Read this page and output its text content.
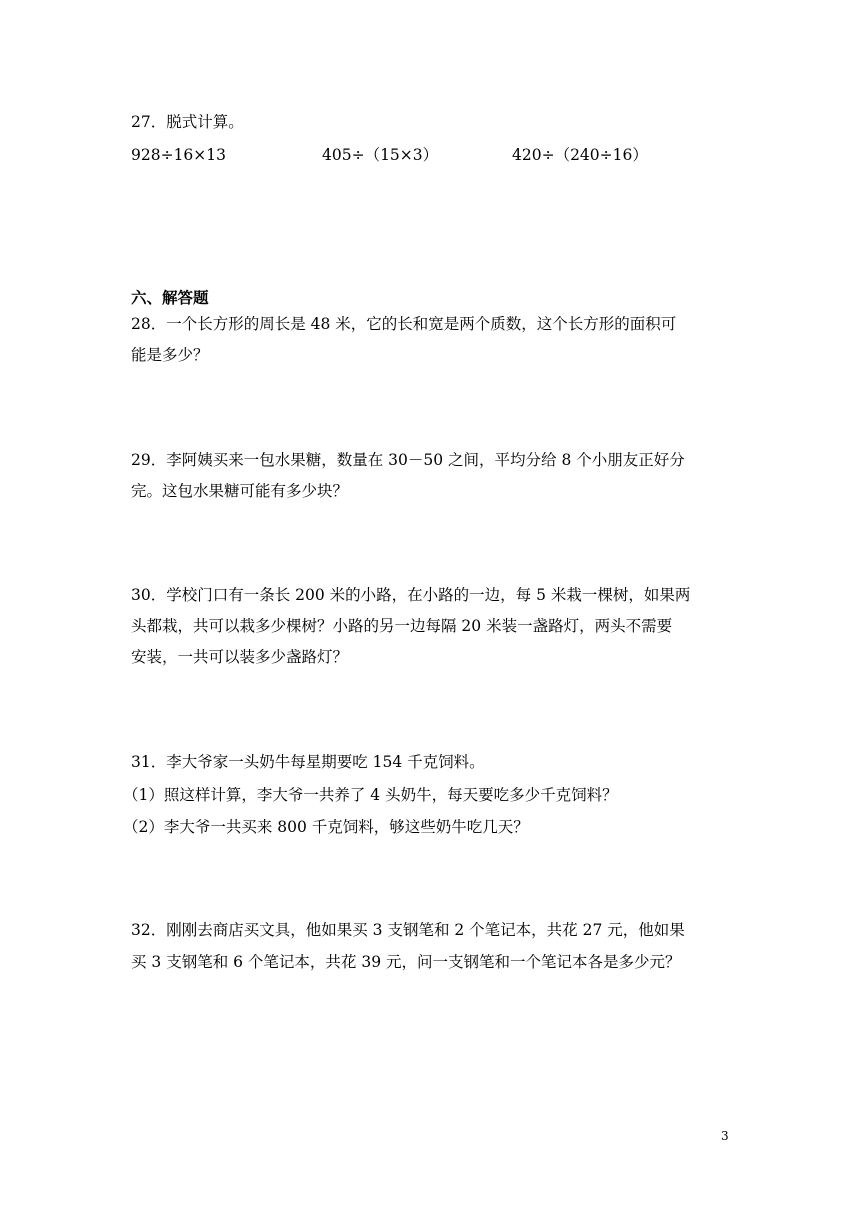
27．脱式计算。
928÷16×13	405÷（15×3）	420÷（240÷16）
六、解答题
28．一个长方形的周长是 48 米，它的长和宽是两个质数，这个长方形的面积可
能是多少？
29．李阿姨买来一包水果糖，数量在 30－50 之间，平均分给 8 个小朋友正好分
完。这包水果糖可能有多少块？
30．学校门口有一条长 200 米的小路，在小路的一边，每 5 米栽一棵树，如果两
头都栽，共可以栽多少棵树？小路的另一边每隔 20 米装一盏路灯，两头不需要
安装，一共可以装多少盏路灯？
31．李大爷家一头奶牛每星期要吃 154 千克饲料。
（1）照这样计算，李大爷一共养了 4 头奶牛，每天要吃多少千克饲料？
（2）李大爷一共买来 800 千克饲料，够这些奶牛吃几天？
32．刚刚去商店买文具，他如果买 3 支钢笔和 2 个笔记本，共花 27 元，他如果
买 3 支钢笔和 6 个笔记本，共花 39 元，问一支钢笔和一个笔记本各是多少元？
3
